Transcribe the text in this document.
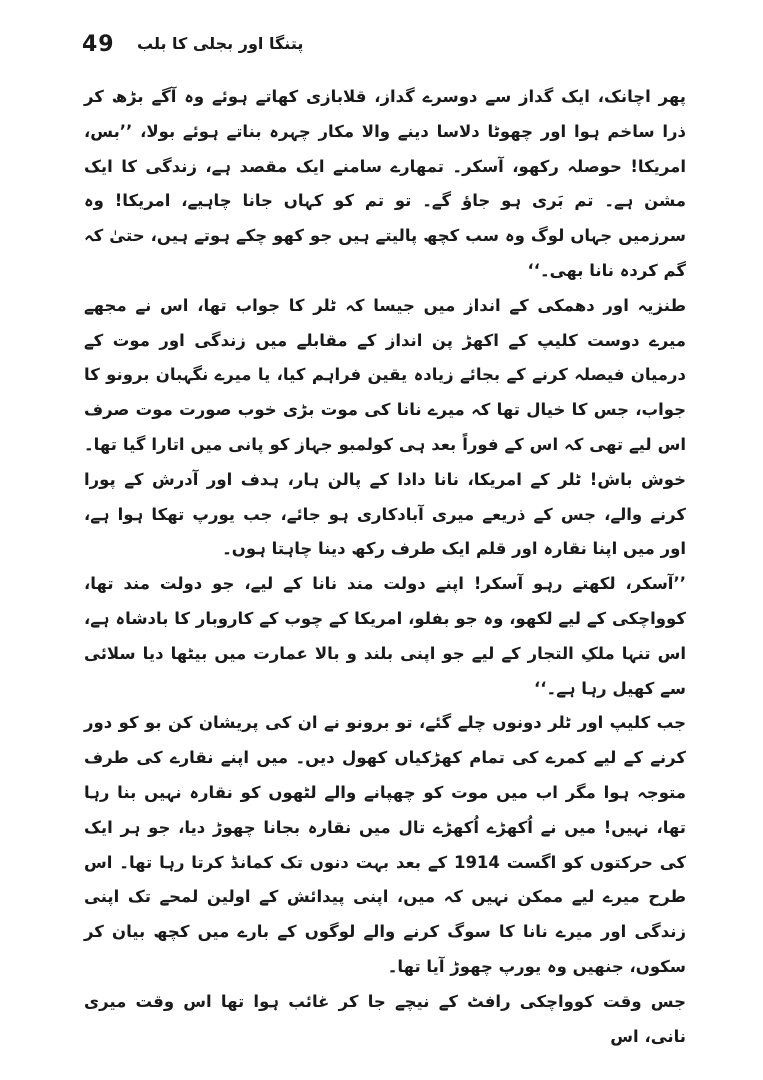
49 پتنگا اور بجلی کا بلب

پھر اچانک، ایک گداز سے دوسرے گداز، قلابازی کھاتے ہوئے وہ آگے بڑھ کر ذرا ساخم ہوا اور چھوٹا دلاسا دینے والا مکار چہرہ بناتے ہوئے بولا، ’’بس، امریکا! حوصلہ رکھو، آسکر۔ تمھارے سامنے ایک مقصد ہے، زندگی کا ایک مشن ہے۔ تم بَری ہو جاؤ گے۔ تو تم کو کہاں جانا چاہیے، امریکا! وہ سرزمیں جہاں لوگ وہ سب کچھ پالیتے ہیں جو کھو چکے ہوتے ہیں، حتیٰ کہ گم کردہ نانا بھی۔‘‘

طنزیہ اور دھمکی کے انداز میں جیسا کہ ٹلر کا جواب تھا، اس نے مجھے میرے دوست کلیپ کے اکھڑ پن انداز کے مقابلے میں زندگی اور موت کے درمیان فیصلہ کرنے کے بجائے زیادہ یقین فراہم کیا، یا میرے نگہبان برونو کا جواب، جس کا خیال تھا کہ میرے نانا کی موت بڑی خوب صورت موت صرف اس لیے تھی کہ اس کے فوراً بعد ہی کولمبو جہاز کو پانی میں اتارا گیا تھا۔ خوش باش! ٹلر کے امریکا، نانا دادا کے پالن ہار، ہدف اور آدرش کے پورا کرنے والے، جس کے ذریعے میری آبادکاری ہو جائے، جب یورپ تھکا ہوا ہے، اور میں اپنا نقارہ اور قلم ایک طرف رکھ دینا چاہتا ہوں۔

’’آسکر، لکھتے رہو آسکر! اپنے دولت مند نانا کے لیے، جو دولت مند تھا، کوواچکی کے لیے لکھو، وہ جو بفلو، امریکا کے چوب کے کاروبار کا بادشاہ ہے، اس تنہا ملکِ التجار کے لیے جو اپنی بلند و بالا عمارت میں بیٹھا دیا سلائی سے کھیل رہا ہے۔‘‘

جب کلیپ اور ٹلر دونوں چلے گئے، تو برونو نے ان کی پریشان کن بو کو دور کرنے کے لیے کمرے کی تمام کھڑکیاں کھول دیں۔ میں اپنے نقارے کی طرف متوجہ ہوا مگر اب میں موت کو چھپانے والے لٹھوں کو نقارہ نہیں بنا رہا تھا، نہیں! میں نے اُکھڑے اُکھڑے تال میں نقارہ بجانا چھوڑ دیا، جو ہر ایک کی حرکتوں کو اگست 1914 کے بعد بہت دنوں تک کمانڈ کرتا رہا تھا۔ اس طرح میرے لیے ممکن نہیں کہ میں، اپنی پیدائش کے اولین لمحے تک اپنی زندگی اور میرے نانا کا سوگ کرنے والے لوگوں کے بارے میں کچھ بیان کر سکوں، جنھیں وہ یورپ چھوڑ آیا تھا۔

جس وقت کوواچکی رافٹ کے نیچے جا کر غائب ہوا تھا اس وقت میری نانی، اس
